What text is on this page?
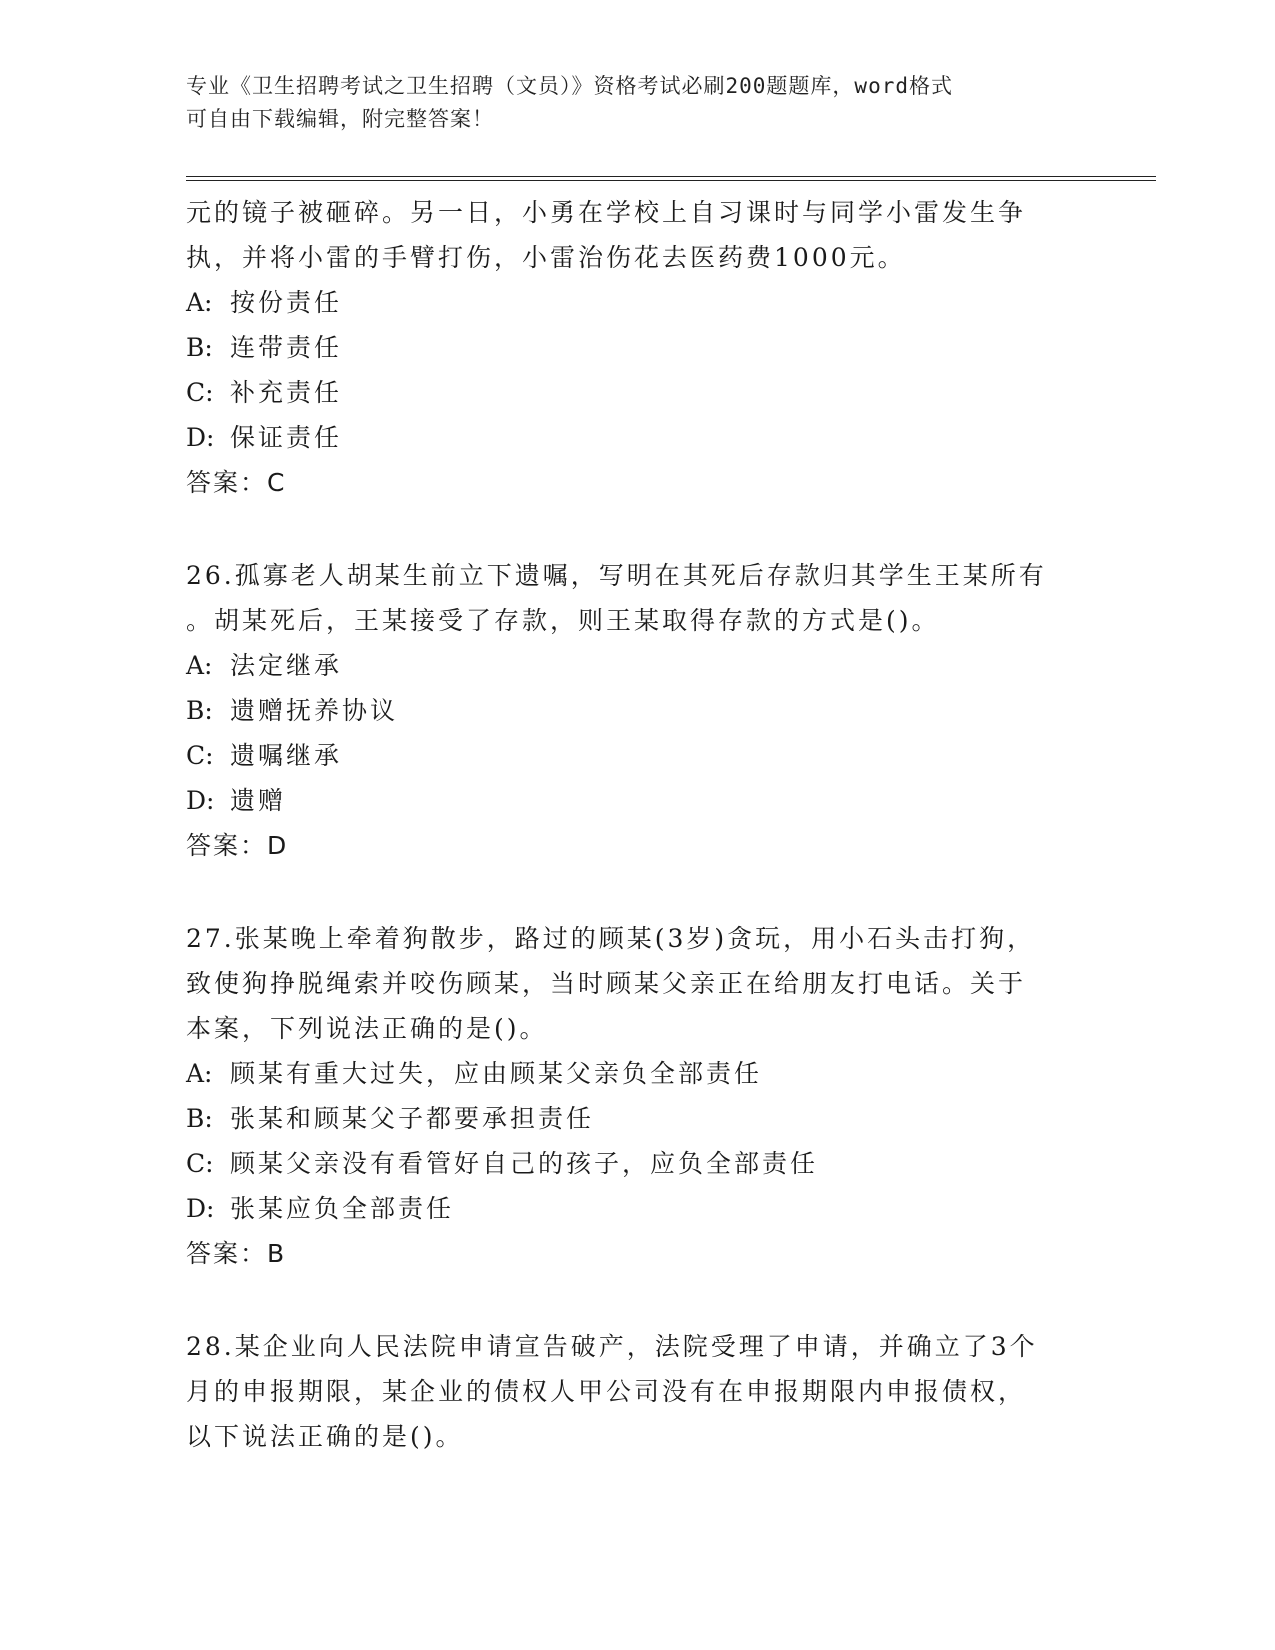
专业《卫生招聘考试之卫生招聘（文员）》资格考试必刷200题题库，word格式
可自由下载编辑，附完整答案！
元的镜子被砸碎。另一日，小勇在学校上自习课时与同学小雷发生争
执，并将小雷的手臂打伤，小雷治伤花去医药费1000元。
A: 按份责任
B: 连带责任
C: 补充责任
D: 保证责任
答案：C
26.孤寡老人胡某生前立下遗嘱，写明在其死后存款归其学生王某所有
。胡某死后，王某接受了存款，则王某取得存款的方式是()。
A: 法定继承
B: 遗赠抚养协议
C: 遗嘱继承
D: 遗赠
答案：D
27.张某晚上牵着狗散步，路过的顾某(3岁)贪玩，用小石头击打狗，
致使狗挣脱绳索并咬伤顾某，当时顾某父亲正在给朋友打电话。关于
本案，下列说法正确的是()。
A: 顾某有重大过失，应由顾某父亲负全部责任
B: 张某和顾某父子都要承担责任
C: 顾某父亲没有看管好自己的孩子，应负全部责任
D: 张某应负全部责任
答案：B
28.某企业向人民法院申请宣告破产，法院受理了申请，并确立了3个
月的申报期限，某企业的债权人甲公司没有在申报期限内申报债权，
以下说法正确的是()。
